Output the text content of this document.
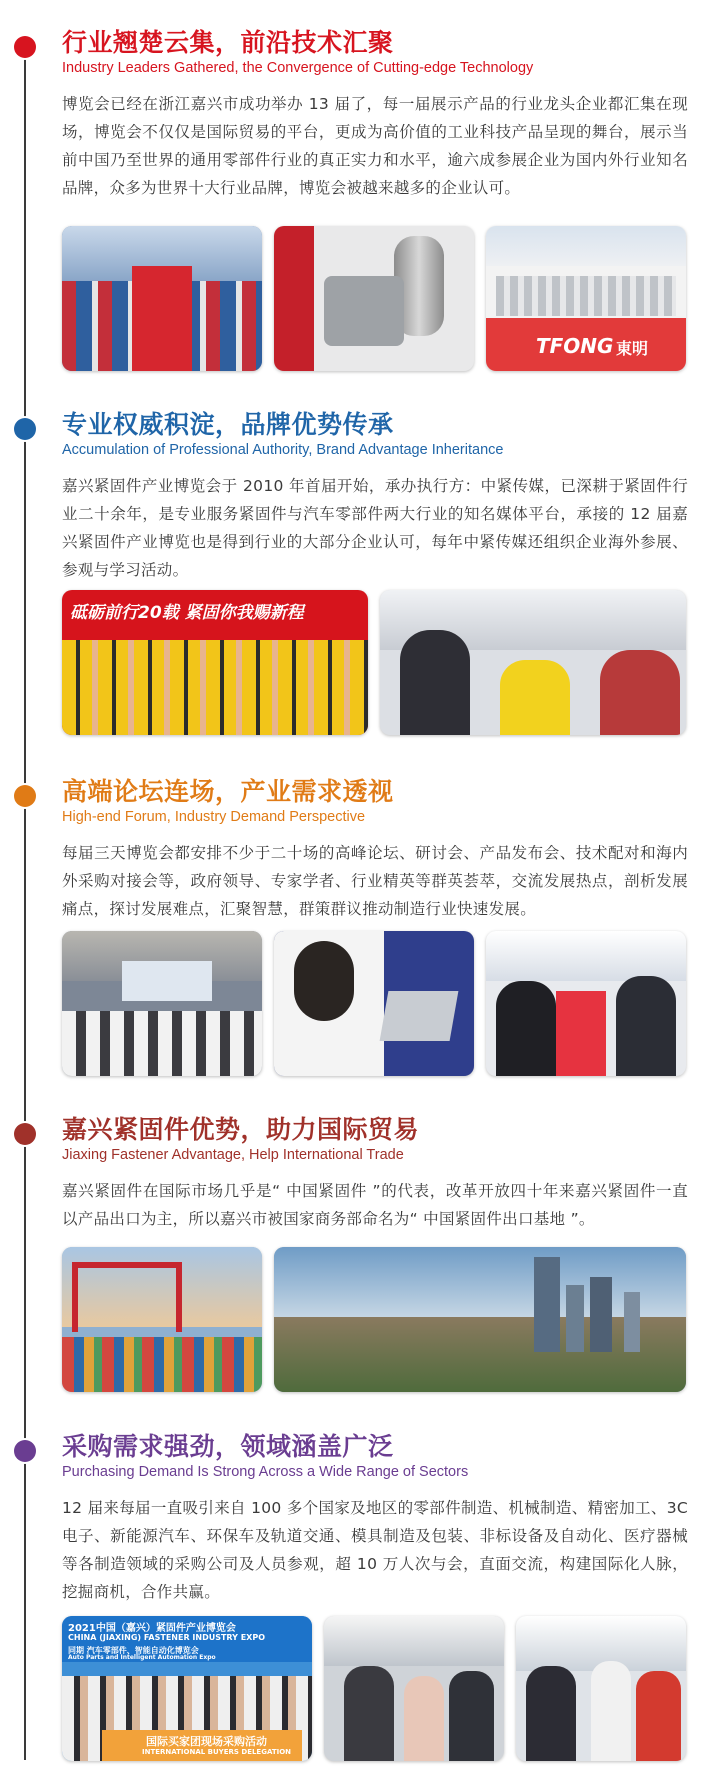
行业翘楚云集，前沿技术汇聚
Industry Leaders Gathered, the Convergence of Cutting-edge Technology
博览会已经在浙江嘉兴市成功举办 13 届了，每一届展示产品的行业龙头企业都汇集在现场，博览会不仅仅是国际贸易的平台，更成为高价值的工业科技产品呈现的舞台，展示当前中国乃至世界的通用零部件行业的真正实力和水平，逾六成参展企业为国内外行业知名品牌，众多为世界十大行业品牌，博览会被越来越多的企业认可。
TFONG 東明
专业权威积淀，品牌优势传承
Accumulation of Professional Authority, Brand Advantage Inheritance
嘉兴紧固件产业博览会于 2010 年首届开始，承办执行方：中紧传媒，已深耕于紧固件行业二十余年，是专业服务紧固件与汽车零部件两大行业的知名媒体平台，承接的 12 届嘉兴紧固件产业博览也是得到行业的大部分企业认可，每年中紧传媒还组织企业海外参展、参观与学习活动。
砥砺前行20载 紧固你我赐新程
高端论坛连场，产业需求透视
High-end Forum, Industry Demand Perspective
每届三天博览会都安排不少于二十场的高峰论坛、研讨会、产品发布会、技术配对和海内外采购对接会等，政府领导、专家学者、行业精英等群英荟萃，交流发展热点，剖析发展痛点，探讨发展难点，汇聚智慧，群策群议推动制造行业快速发展。
嘉兴紧固件优势，助力国际贸易
Jiaxing Fastener Advantage, Help International Trade
嘉兴紧固件在国际市场几乎是“ 中国紧固件 ”的代表，改革开放四十年来嘉兴紧固件一直以产品出口为主，所以嘉兴市被国家商务部命名为“ 中国紧固件出口基地 ”。
采购需求强劲，领域涵盖广泛
Purchasing Demand Is Strong Across a Wide Range of Sectors
12 届来每届一直吸引来自 100 多个国家及地区的零部件制造、机械制造、精密加工、3C 电子、新能源汽车、环保车及轨道交通、模具制造及包装、非标设备及自动化、医疗器械等各制造领域的采购公司及人员参观，超 10 万人次与会，直面交流，构建国际化人脉，挖掘商机，合作共赢。
2021中国（嘉兴）紧固件产业博览会
CHINA (JIAXING) FASTENER INDUSTRY EXPO
同期 汽车零部件、智能自动化博览会
Auto Parts and Intelligent Automation Expo
国际买家团现场采购活动
INTERNATIONAL BUYERS DELEGATION
